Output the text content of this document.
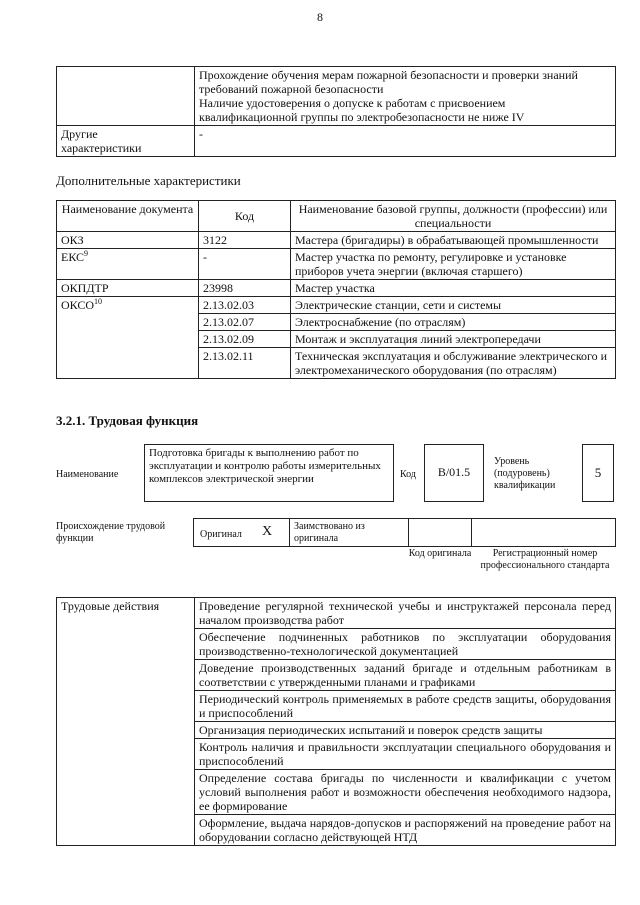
8

	Прохождение обучения мерам пожарной безопасности и проверки знаний
требований пожарной безопасности
Наличие удостоверения о допуске к работам с присвоением
квалификационной группы по электробезопасности не ниже IV

Другие
характеристики	-
Дополнительные характеристики
Наименование документа	Код	Наименование базовой группы, должности (профессии) или специальности
ОКЗ	3122	Мастера (бригадиры) в обрабатывающей промышленности
ЕКС$^9$	-	Мастер участка по ремонту, регулировке и установке приборов учета энергии (включая старшего)
ОКПДТР	23998	Мастер участка
ОКСО$^{10}$	2.13.02.03	Электрические станции, сети и системы
	2.13.02.07	Электроснабжение (по отраслям)
	2.13.02.09	Монтаж и эксплуатация линий электропередачи
	2.13.02.11	Техническая эксплуатация и обслуживание электрического и электромеханического оборудования (по отраслям)
3.2.1. Трудовая функция
Наименование
Подготовка бригады к выполнению работ по эксплуатации и контролю работы измерительных комплексов электрической энергии	Код	B/01.5
Уровень (подуровень) квалификации
5
Происхождение трудовой функции	Оригинал X	Заимствовано из оригинала
Код оригинала	Регистрационный номер профессионального стандарта
Трудовые действия	Проведение регулярной технической учебы и инструктажей персонала перед началом производства работ
Обеспечение подчиненных работников по эксплуатации оборудования производственно-технологической документацией
Доведение производственных заданий бригаде и отдельным работникам в соответствии с утвержденными планами и графиками
Периодический контроль применяемых в работе средств защиты, оборудования и приспособлений
Организация периодических испытаний и поверок средств защиты
Контроль наличия и правильности эксплуатации специального оборудования и приспособлений
Определение состава бригады по численности и квалификации с учетом условий выполнения работ и возможности обеспечения необходимого надзора, ее формирование
Оформление, выдача нарядов-допусков и распоряжений на проведение работ на оборудовании согласно действующей НТД
